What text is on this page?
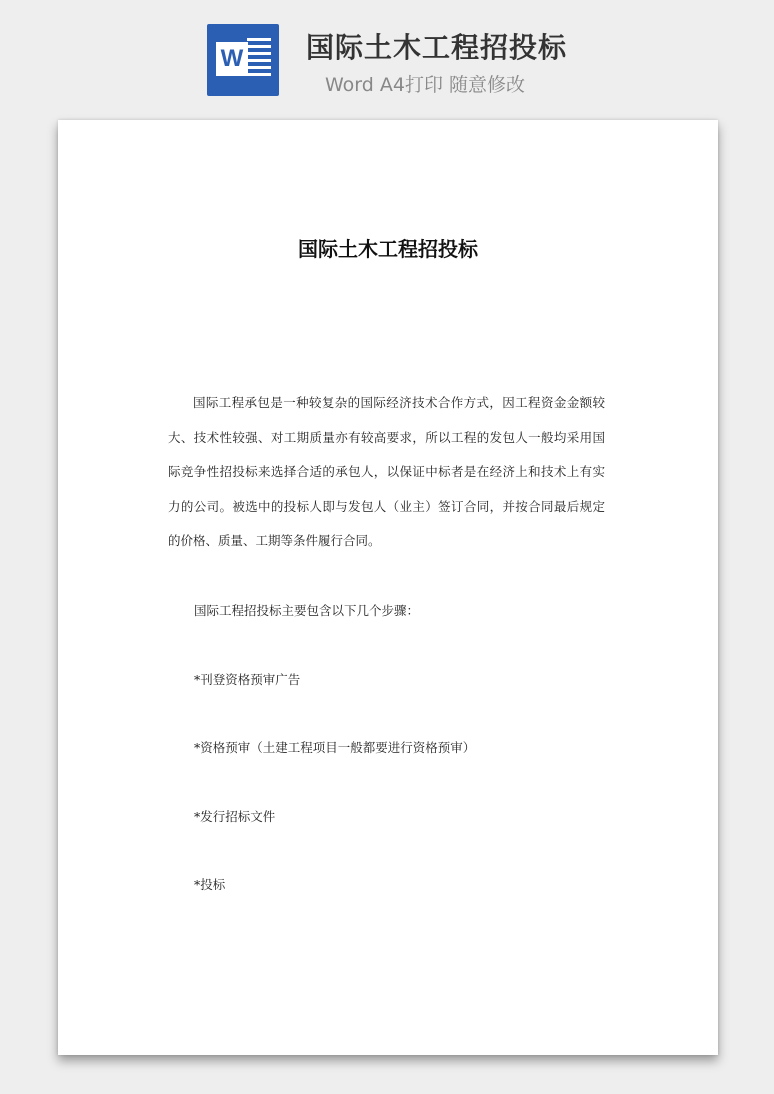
W 国际土木工程招投标
Word A4打印 随意修改
国际土木工程招投标
国际工程承包是一种较复杂的国际经济技术合作方式，因工程资金金额较大、技术性较强、对工期质量亦有较高要求，所以工程的发包人一般均采用国际竞争性招投标来选择合适的承包人，以保证中标者是在经济上和技术上有实力的公司。被选中的投标人即与发包人（业主）签订合同，并按合同最后规定的价格、质量、工期等条件履行合同。
国际工程招投标主要包含以下几个步骤：
*刊登资格预审广告
*资格预审（土建工程项目一般都要进行资格预审）
*发行招标文件
*投标
